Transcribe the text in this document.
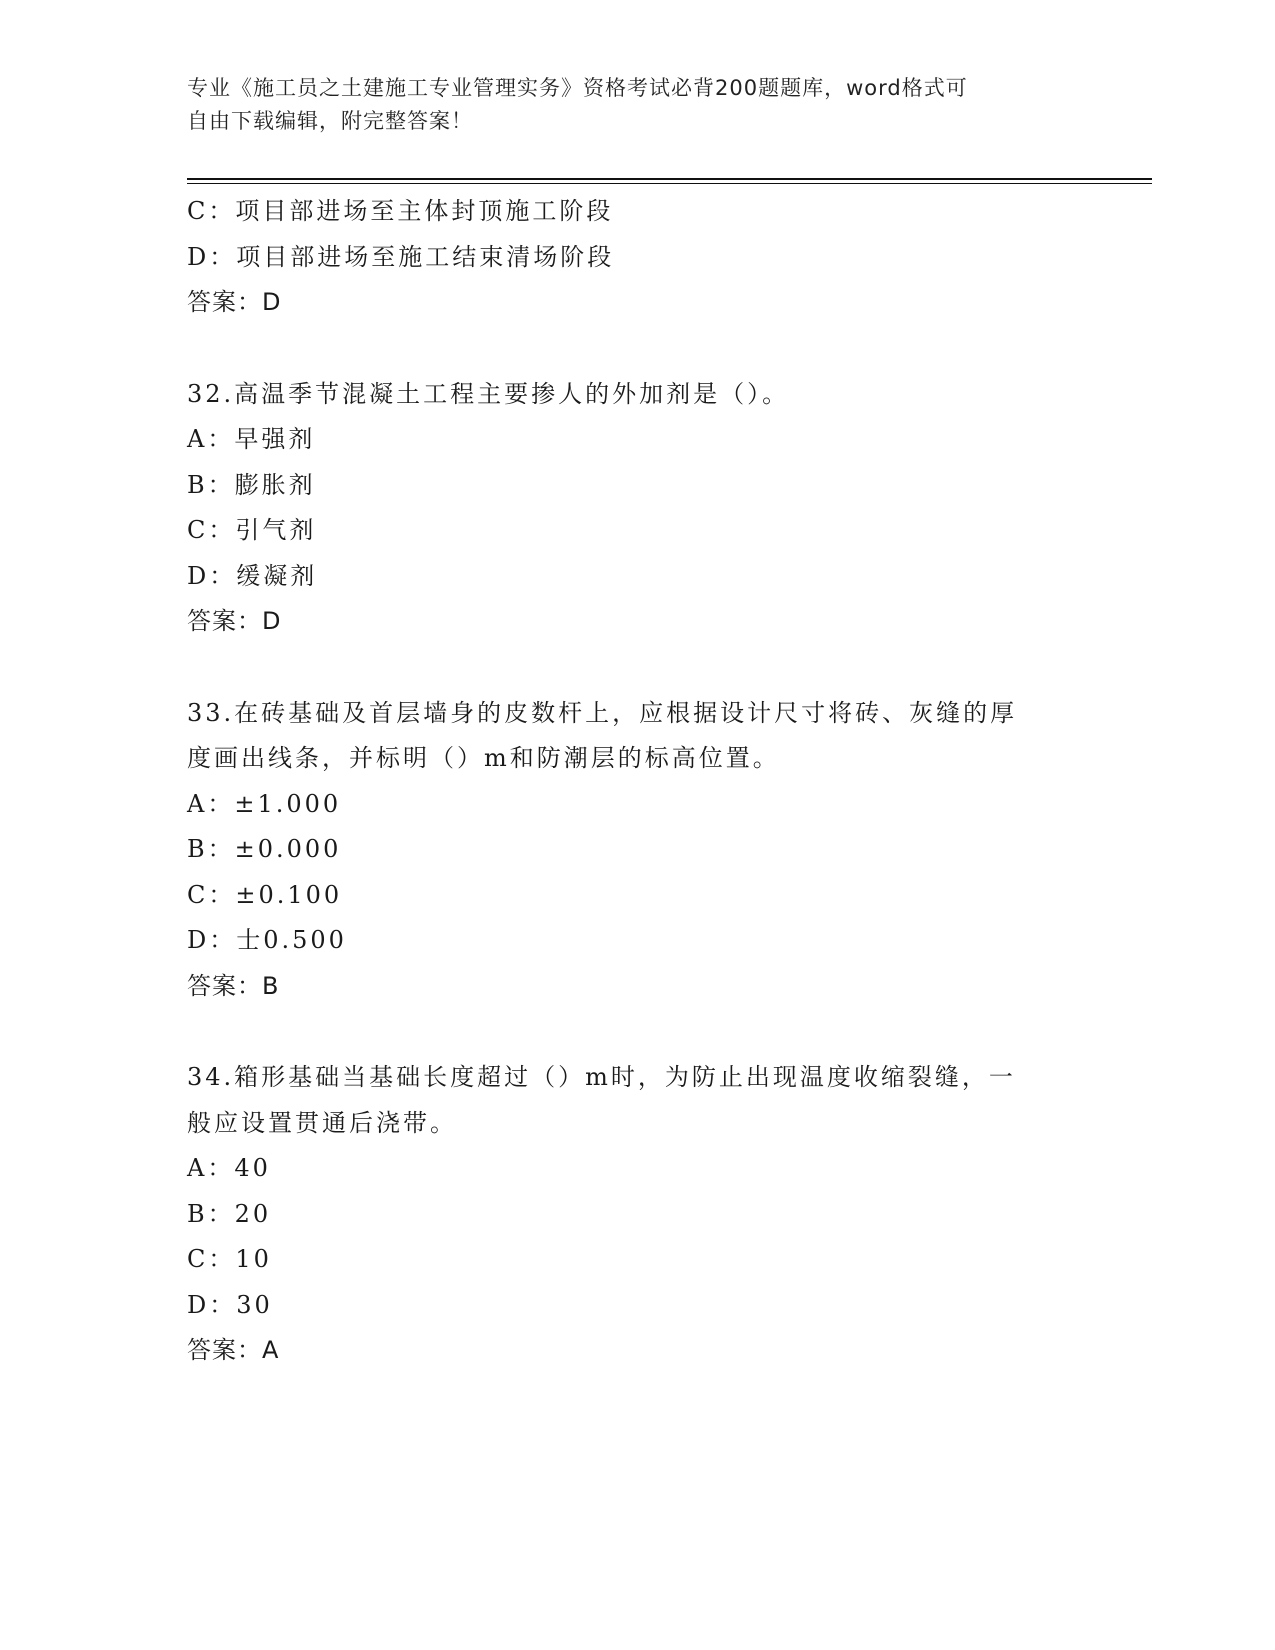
专业《施工员之土建施工专业管理实务》资格考试必背200题题库，word格式可
自由下载编辑，附完整答案！
C：项目部进场至主体封顶施工阶段
D：项目部进场至施工结束清场阶段
答案：D
32.高温季节混凝土工程主要掺人的外加剂是（）。
A：早强剂
B：膨胀剂
C：引气剂
D：缓凝剂
答案：D
33.在砖基础及首层墙身的皮数杆上，应根据设计尺寸将砖、灰缝的厚
度画出线条，并标明（）m和防潮层的标高位置。
A：±1.000
B：±0.000
C：±0.100
D：士0.500
答案：B
34.箱形基础当基础长度超过（）m时，为防止出现温度收缩裂缝，一
般应设置贯通后浇带。
A：40
B：20
C：10
D：30
答案：A
